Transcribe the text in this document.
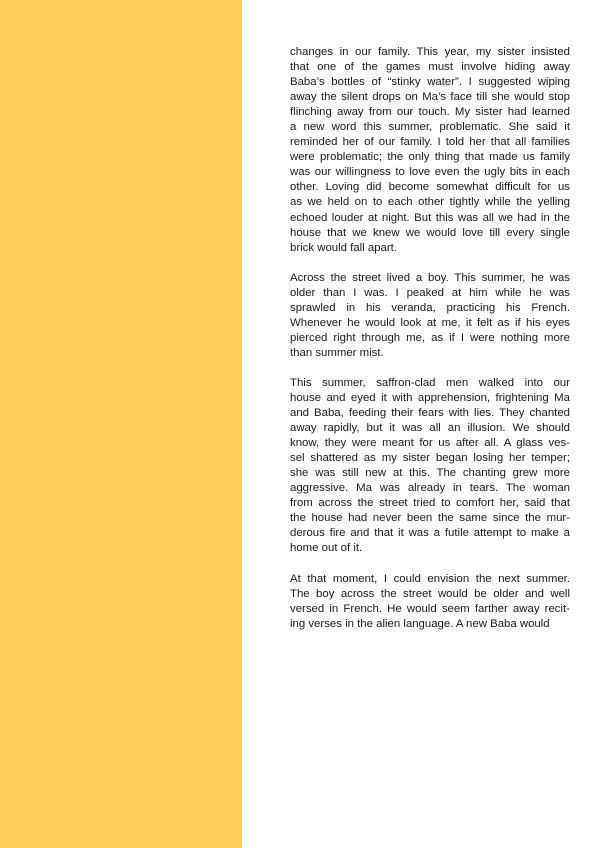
changes in our family. This year, my sister insisted
that one of the games must involve hiding away
Baba’s bottles of “stinky water”. I suggested wiping
away the silent drops on Ma’s face till she would stop
flinching away from our touch. My sister had learned
a new word this summer, problematic. She said it
reminded her of our family. I told her that all families
were problematic; the only thing that made us family
was our willingness to love even the ugly bits in each
other. Loving did become somewhat difficult for us
as we held on to each other tightly while the yelling
echoed louder at night. But this was all we had in the
house that we knew we would love till every single
brick would fall apart.

Across the street lived a boy. This summer, he was
older than I was. I peaked at him while he was
sprawled in his veranda, practicing his French.
Whenever he would look at me, it felt as if his eyes
pierced right through me, as if I were nothing more
than summer mist.

This summer, saffron-clad men walked into our
house and eyed it with apprehension, frightening Ma
and Baba, feeding their fears with lies. They chanted
away rapidly, but it was all an illusion. We should
know, they were meant for us after all. A glass ves-
sel shattered as my sister began losing her temper;
she was still new at this. The chanting grew more
aggressive. Ma was already in tears. The woman
from across the street tried to comfort her, said that
the house had never been the same since the mur-
derous fire and that it was a futile attempt to make a
home out of it.

At that moment, I could envision the next summer.
The boy across the street would be older and well
versed in French. He would seem farther away recit-
ing verses in the alien language. A new Baba would
